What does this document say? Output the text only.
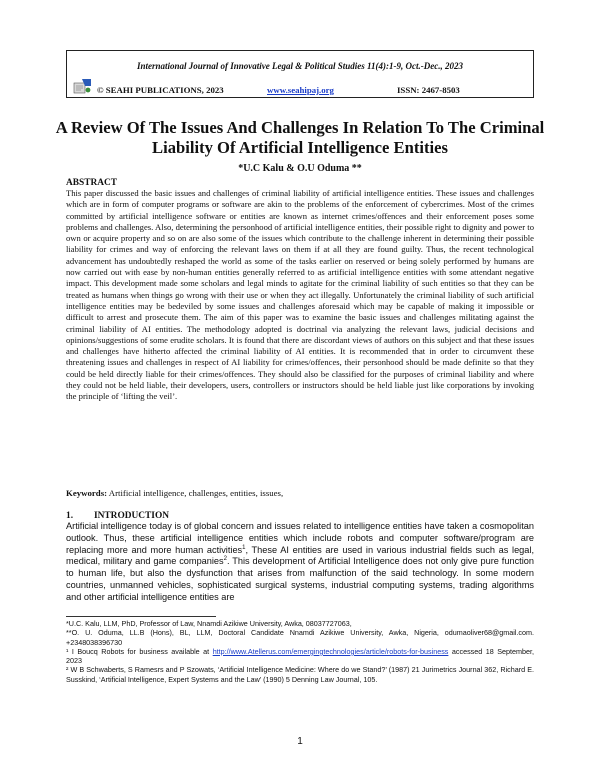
International Journal of Innovative Legal & Political Studies 11(4):1-9, Oct.-Dec., 2023
© SEAHI PUBLICATIONS, 2023	www.seahipaj.org	ISSN: 2467-8503
A Review Of The Issues And Challenges In Relation To The Criminal Liability Of Artificial Intelligence Entities
*U.C Kalu & O.U Oduma **
ABSTRACT
This paper discussed the basic issues and challenges of criminal liability of artificial intelligence entities. These issues and challenges which are in form of computer programs or software are akin to the problems of the enforcement of cybercrimes. Most of the crimes committed by artificial intelligence software or entities are known as internet crimes/offences and their enforcement poses some problems and challenges. Also, determining the personhood of artificial intelligence entities, their possible right to dignity and power to own or acquire property and so on are also some of the issues which contribute to the challenge inherent in determining their possible liability for crimes and way of enforcing the relevant laws on them if at all they are found guilty. Thus, the recent technological advancement has undoubtedly reshaped the world as some of the tasks earlier on reserved or being solely performed by humans are now carried out with ease by non-human entities generally referred to as artificial intelligence entities with some attendant negative impact. This development made some scholars and legal minds to agitate for the criminal liability of such entities so that they can be treated as humans when things go wrong with their use or when they act illegally. Unfortunately the criminal liability of such artificial intelligence entities may be bedeviled by some issues and challenges aforesaid which may be capable of making it impossible or difficult to arrest and prosecute them. The aim of this paper was to examine the basic issues and challenges militating against the criminal liability of AI entities. The methodology adopted is doctrinal via analyzing the relevant laws, judicial decisions and opinions/suggestions of some erudite scholars. It is found that there are discordant views of authors on this subject and that these issues and challenges have hitherto affected the criminal liability of AI entities. It is recommended that in order to circumvent these threatening issues and challenges in respect of AI liability for crimes/offences, their personhood should be made definite so that they could be held directly liable for their crimes/offences. They should also be classified for the purposes of criminal liability and where they could not be held liable, their developers, users, controllers or instructors should be held liable just like corporations by invoking the principle of ‘lifting the veil’.
Keywords: Artificial intelligence, challenges, entities, issues,
1. INTRODUCTION
Artificial intelligence today is of global concern and issues related to intelligence entities have taken a cosmopolitan outlook. Thus, these artificial intelligence entities which include robots and computer software/program are replacing more and more human activities$^1$, These AI entities are used in various industrial fields such as legal, medical, military and game companies$^2$. This development of Artificial Intelligence does not only give pure function to human life, but also the dysfunction that arises from malfunction of the said technology. In some modern countries, unmanned vehicles, sophisticated surgical systems, industrial computing systems, trading algorithms and other artificial intelligence entities are
*U.C. Kalu, LLM, PhD, Professor of Law, Nnamdi Azikiwe University, Awka, 08037727063,
**O. U. Oduma, LL.B (Hons), BL, LLM, Doctoral Candidate Nnamdi Azikiwe University, Awka, Nigeria, odumaoliver68@gmail.com. +2348038396730
¹ I Boucq Robots for business available at http://www.Atellerus.com/emergingtechnologies/article/robots-for-business accessed 18 September, 2023
² W B Schwaberts, S Ramesrs and P Szowats, ‘Artificial Intelligence Medicine: Where do we Stand?’ (1987) 21 Jurimetrics Journal 362, Richard E. Susskind, ‘Artificial Intelligence, Expert Systems and the Law’ (1990) 5 Denning Law Journal, 105.
1
